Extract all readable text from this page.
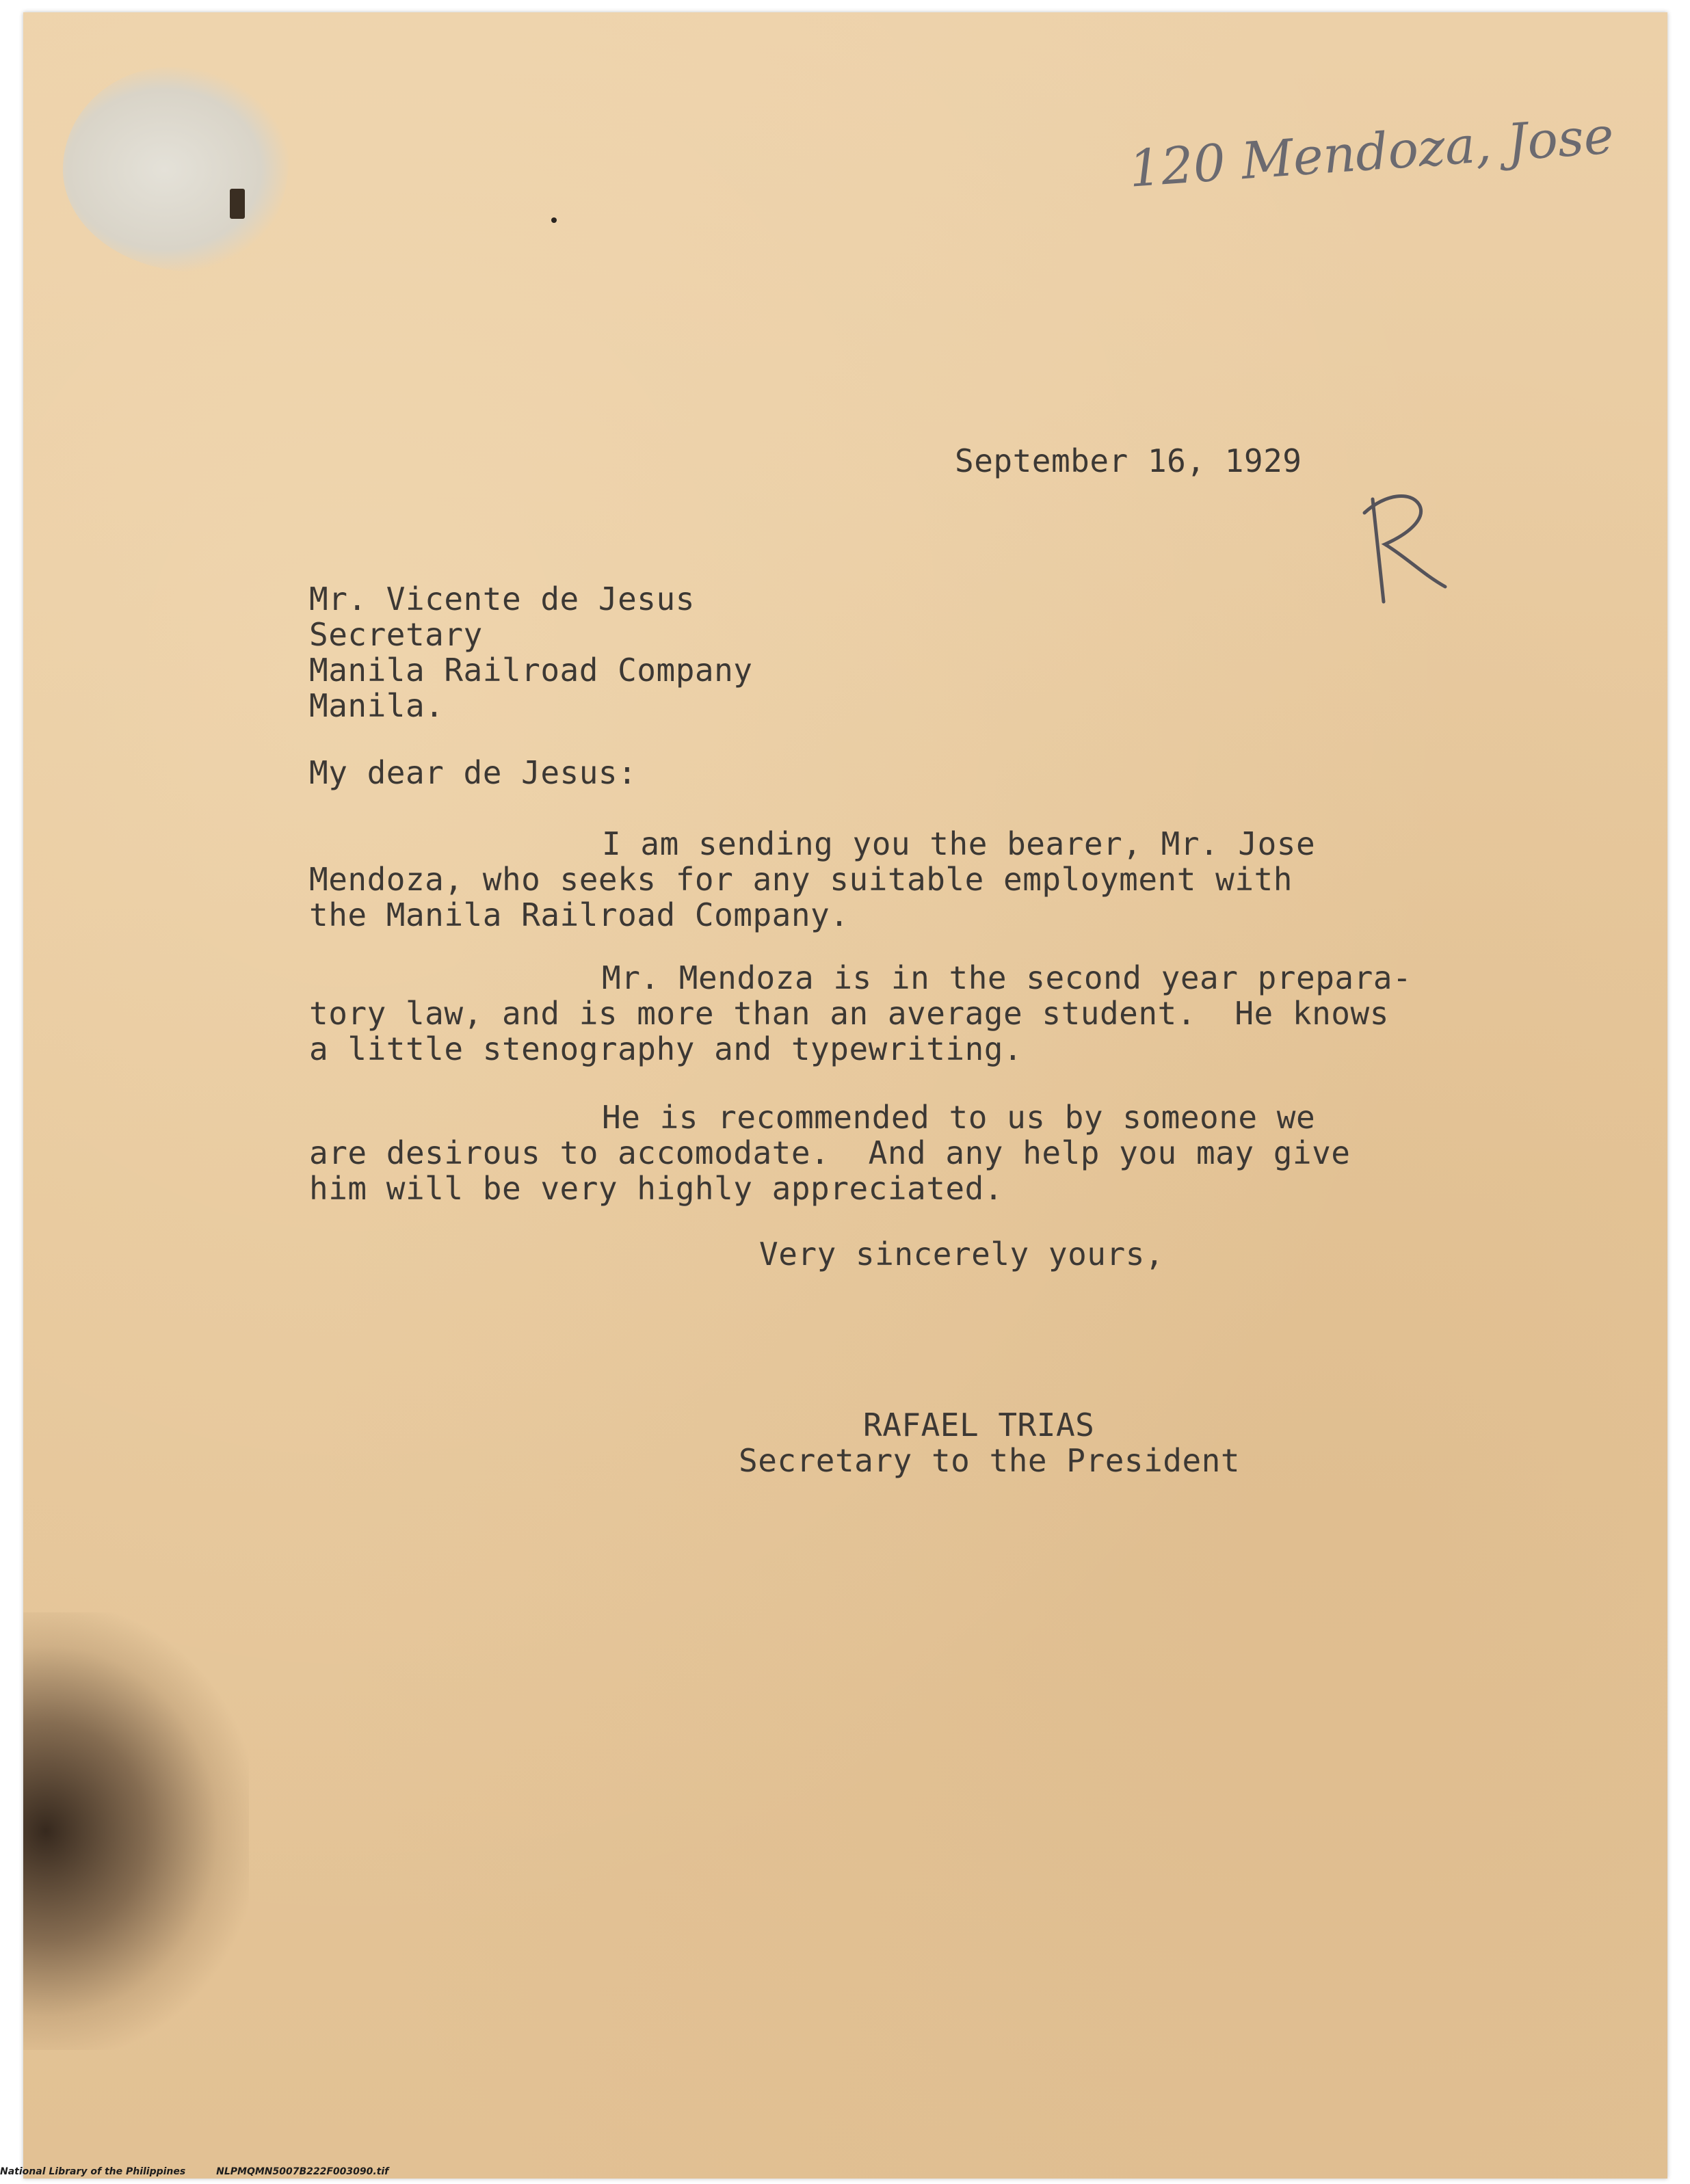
120 Mendoza, Jose

September 16, 1929

Mr. Vicente de Jesus

Secretary

Manila Railroad Company

Manila.

My dear de Jesus:

I am sending you the bearer, Mr. Jose

Mendoza, who seeks for any suitable employment with

the Manila Railroad Company.

Mr. Mendoza is in the second year prepara-

tory law, and is more than an average student.  He knows

a little stenography and typewriting.

He is recommended to us by someone we

are desirous to accomodate.  And any help you may give

him will be very highly appreciated.

Very sincerely yours,

RAFAEL TRIAS

Secretary to the President

National Library of the Philippines	NLPMQMN5007B222F003090.tif
